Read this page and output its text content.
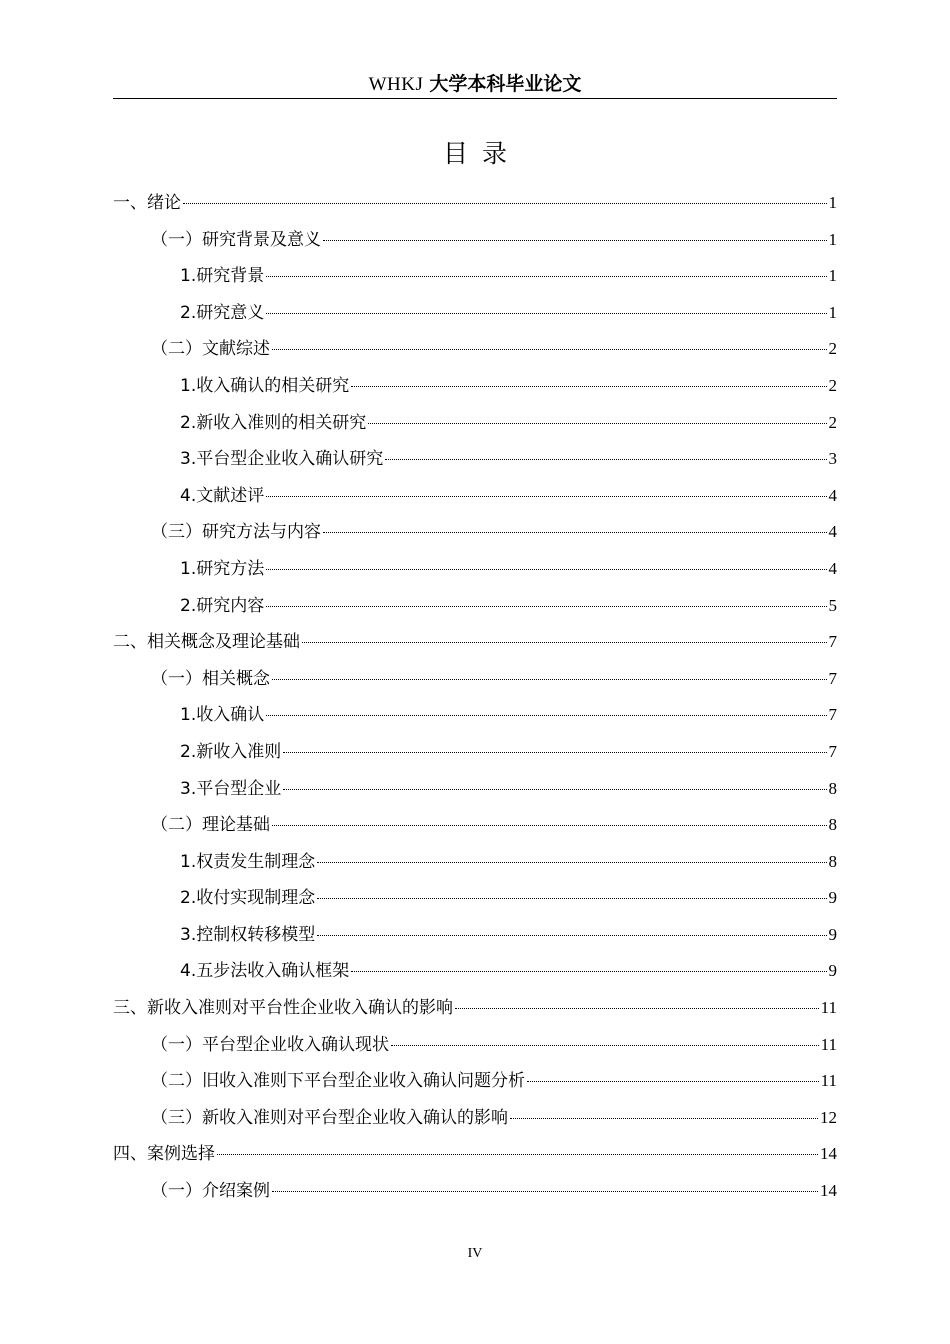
WHKJ 大学本科毕业论文
目录
一、绪论	1
（一）研究背景及意义	1
1.研究背景	1
2.研究意义	1
（二）文献综述	2
1.收入确认的相关研究	2
2.新收入准则的相关研究	2
3.平台型企业收入确认研究	3
4.文献述评	4
（三）研究方法与内容	4
1.研究方法	4
2.研究内容	5
二、相关概念及理论基础	7
（一）相关概念	7
1.收入确认	7
2.新收入准则	7
3.平台型企业	8
（二）理论基础	8
1.权责发生制理念	8
2.收付实现制理念	9
3.控制权转移模型	9
4.五步法收入确认框架	9
三、新收入准则对平台性企业收入确认的影响	11
（一）平台型企业收入确认现状	11
（二）旧收入准则下平台型企业收入确认问题分析	11
（三）新收入准则对平台型企业收入确认的影响	12
四、案例选择	14
（一）介绍案例	14
IV
